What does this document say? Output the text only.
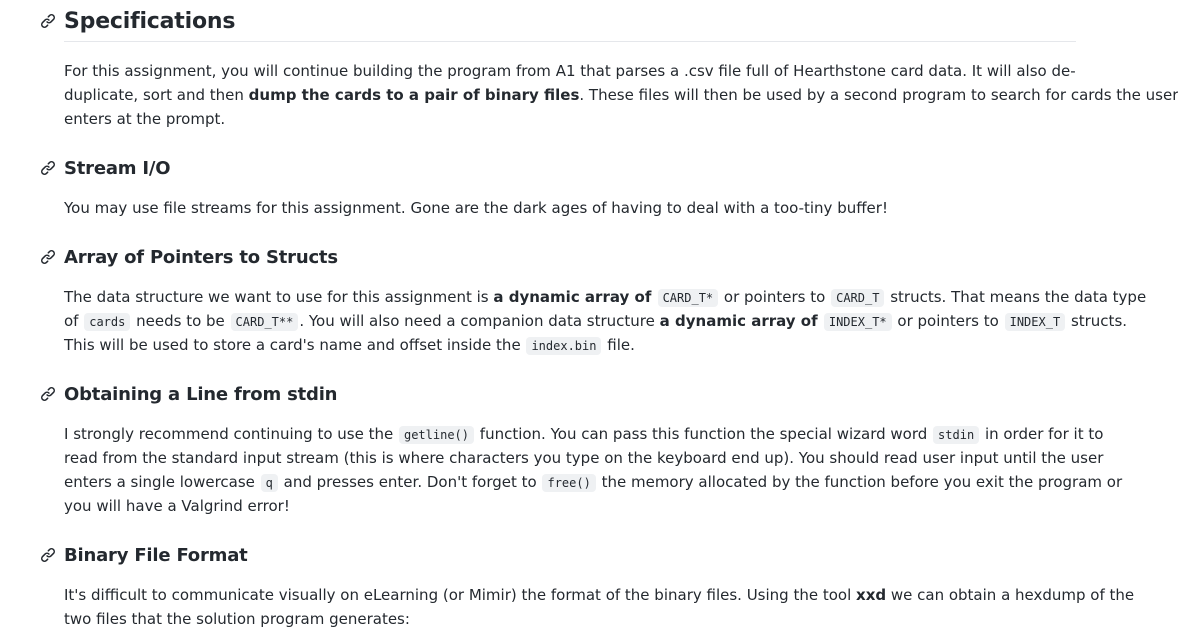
Specifications
For this assignment, you will continue building the program from A1 that parses a .csv file full of Hearthstone card data. It will also de-
duplicate, sort and then dump the cards to a pair of binary files. These files will then be used by a second program to search for cards the user
enters at the prompt.
Stream I/O
You may use file streams for this assignment. Gone are the dark ages of having to deal with a too-tiny buffer!
Array of Pointers to Structs
The data structure we want to use for this assignment is a dynamic array of CARD_T* or pointers to CARD_T structs. That means the data type
of cards needs to be CARD_T** . You will also need a companion data structure a dynamic array of INDEX_T* or pointers to INDEX_T structs.
This will be used to store a card's name and offset inside the index.bin file.
Obtaining a Line from stdin
I strongly recommend continuing to use the getline() function. You can pass this function the special wizard word stdin in order for it to
read from the standard input stream (this is where characters you type on the keyboard end up). You should read user input until the user
enters a single lowercase q and presses enter. Don't forget to free() the memory allocated by the function before you exit the program or
you will have a Valgrind error!
Binary File Format
It's difficult to communicate visually on eLearning (or Mimir) the format of the binary files. Using the tool xxd we can obtain a hexdump of the
two files that the solution program generates:
